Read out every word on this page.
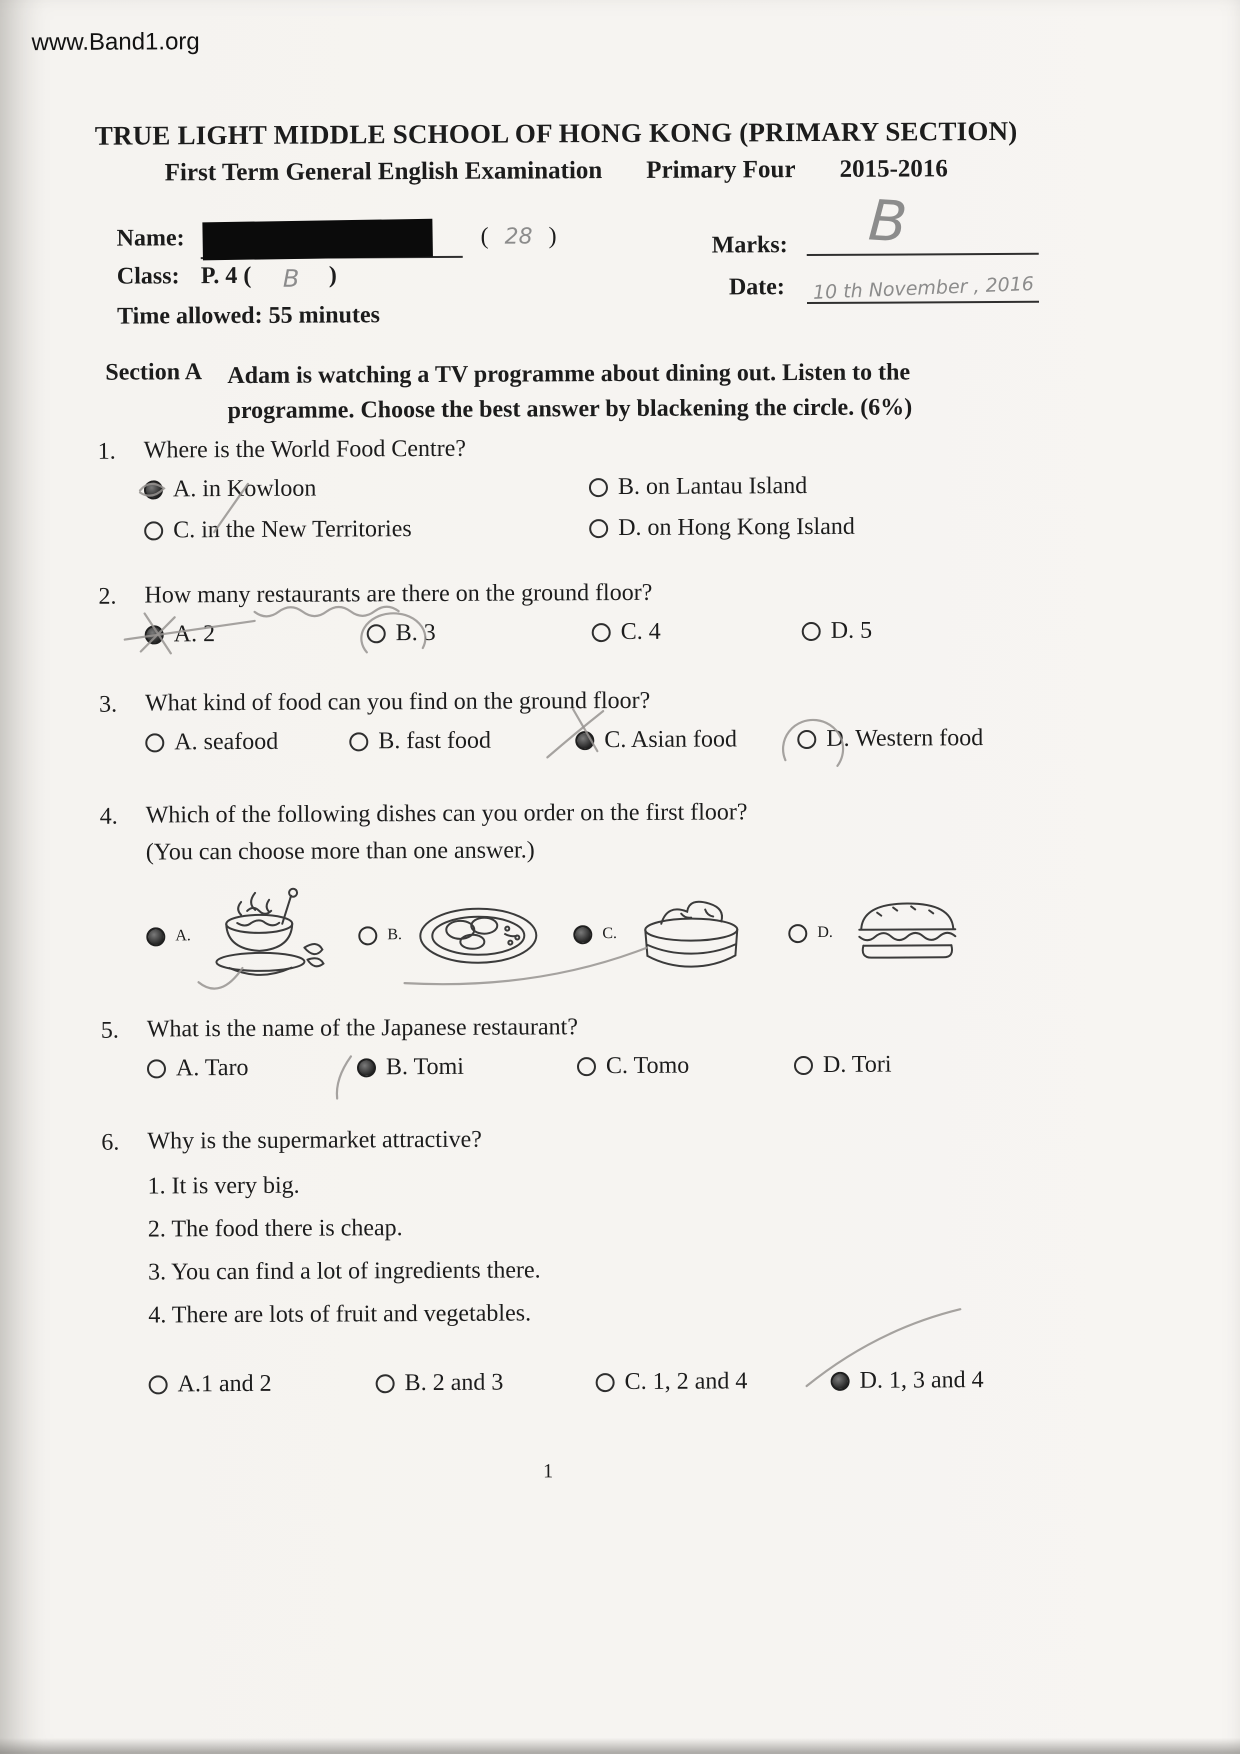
www.Band1.org
TRUE LIGHT MIDDLE SCHOOL OF HONG KONG (PRIMARY SECTION)
First Term General English Examination Primary Four 2015-2016
Name:	( 28 )	Marks: B
Class: P. 4 ( B )	Date: 10 th November , 2016
Time allowed: 55 minutes
Section A	Adam is watching a TV programme about dining out. Listen to the
programme. Choose the best answer by blackening the circle. (6%)
1.	Where is the World Food Centre?
A. in Kowloon	B. on Lantau Island
C. in the New Territories	D. on Hong Kong Island
2.	How many restaurants are there on the ground floor?
A. 2	B. 3	C. 4	D. 5
3.	What kind of food can you find on the ground floor?
A. seafood	B. fast food	C. Asian food	D. Western food
4.	Which of the following dishes can you order on the first floor?
(You can choose more than one answer.)
A.	B.	C.	D.
5.	What is the name of the Japanese restaurant?
A. Taro	B. Tomi	C. Tomo	D. Tori
6.	Why is the supermarket attractive?
1. It is very big.
2. The food there is cheap.
3. You can find a lot of ingredients there.
4. There are lots of fruit and vegetables.
A.1 and 2	B. 2 and 3	C. 1, 2 and 4	D. 1, 3 and 4
1
